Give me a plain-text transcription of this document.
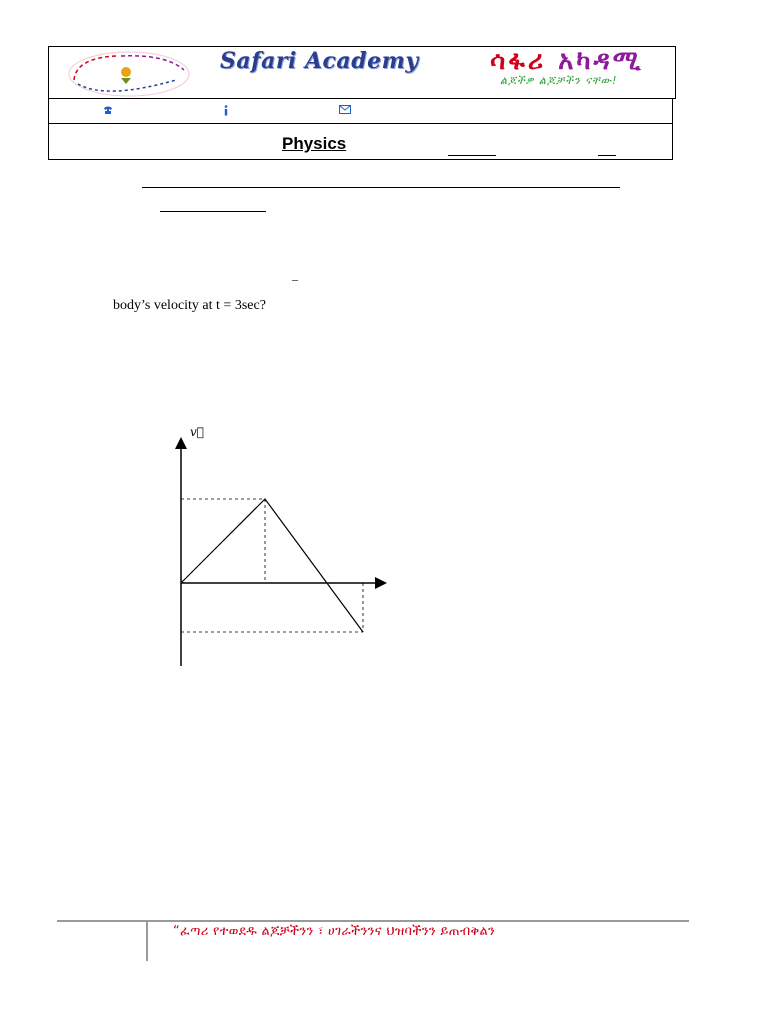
Safari Academy	ሳፋሪ አካዳሚ
ልጆችዎ ልጆቻችን ናቸው!
Physics
–
body’s velocity at t = 3sec?
v⃗
“ፈጣሪ የተወደዱ ልጆቻችንን ፣ ሀገራችንንና ህዝባችንን ይጠብቅልን
